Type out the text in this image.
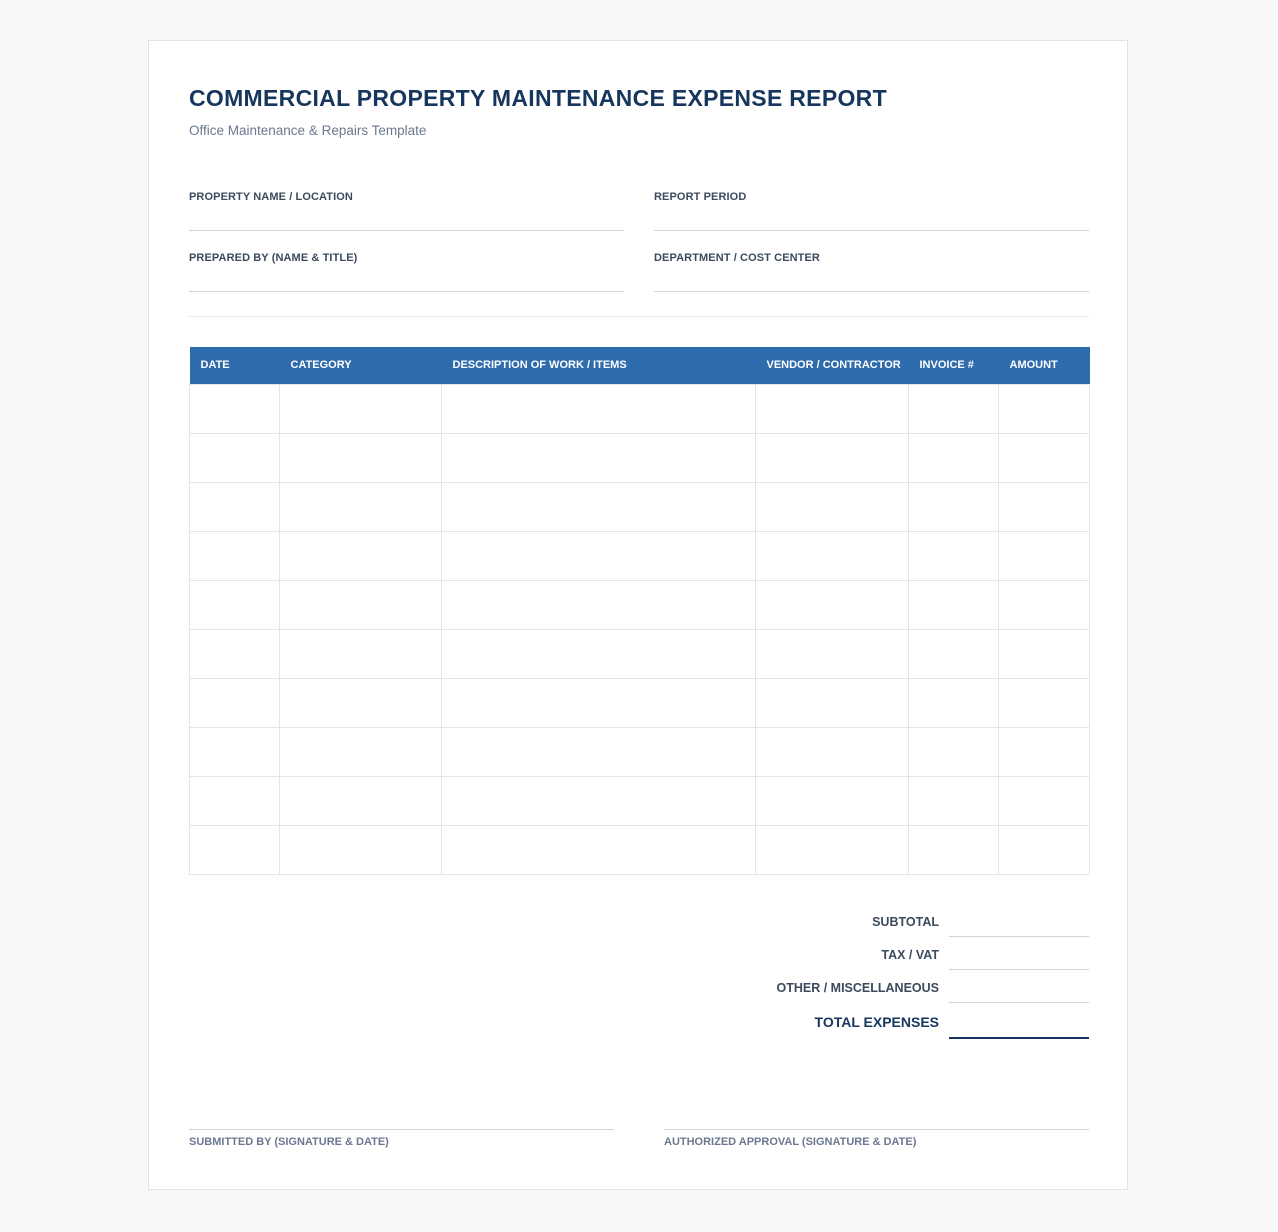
COMMERCIAL PROPERTY MAINTENANCE EXPENSE REPORT
Office Maintenance & Repairs Template
PROPERTY NAME / LOCATION	REPORT PERIOD
PREPARED BY (NAME & TITLE)	DEPARTMENT / COST CENTER
DATE	CATEGORY	DESCRIPTION OF WORK / ITEMS	VENDOR / CONTRACTOR	INVOICE #	AMOUNT

SUBTOTAL
TAX / VAT
OTHER / MISCELLANEOUS
TOTAL EXPENSES
SUBMITTED BY (SIGNATURE & DATE)	AUTHORIZED APPROVAL (SIGNATURE & DATE)
